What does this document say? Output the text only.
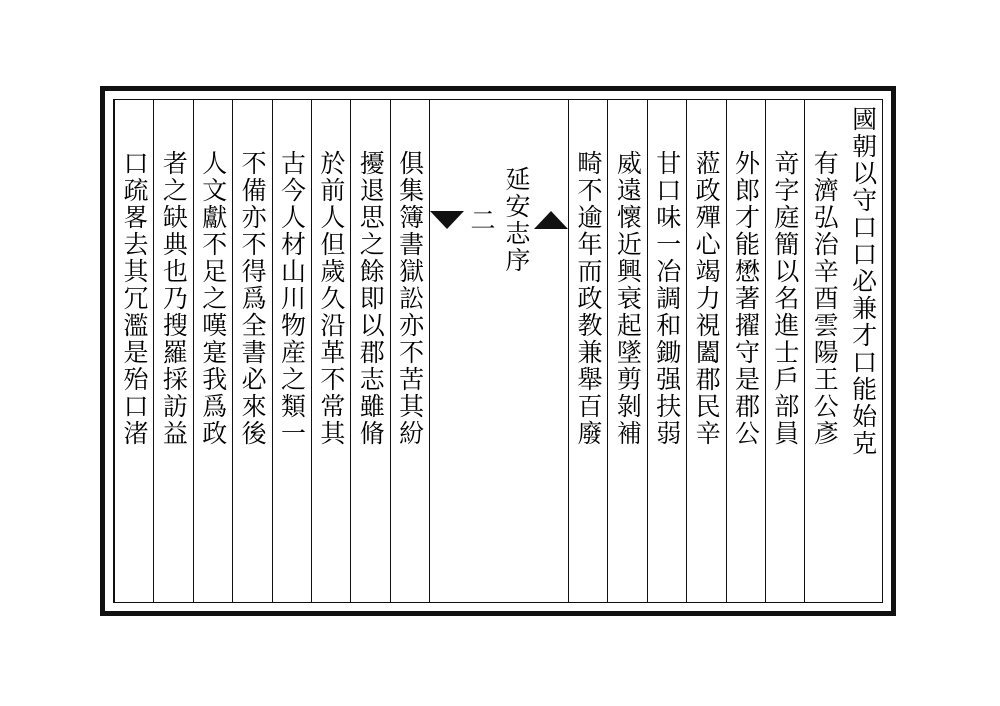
國朝以守口口必兼才口能始克
有濟弘治辛酉雲陽王公彥
竒字庭簡以名進士戶部員
外郎才能懋著擢守是郡公
蒞政殫心竭力視闔郡民辛
甘口味一冶調和鋤强扶弱
威遠懷近興衰起墜剪剝補
畸不逾年而政教兼舉百廢
延安志序
二
俱集簿書獄訟亦不苦其紛
擾退思之餘即以郡志雖脩
於前人但歲久沿革不常其
古今人材山川物産之類一
不備亦不得爲全書必來後
人文獻不足之嘆寔我爲政
者之缺典也乃搜羅採訪益
口疏畧去其冗濫是殆口渚
